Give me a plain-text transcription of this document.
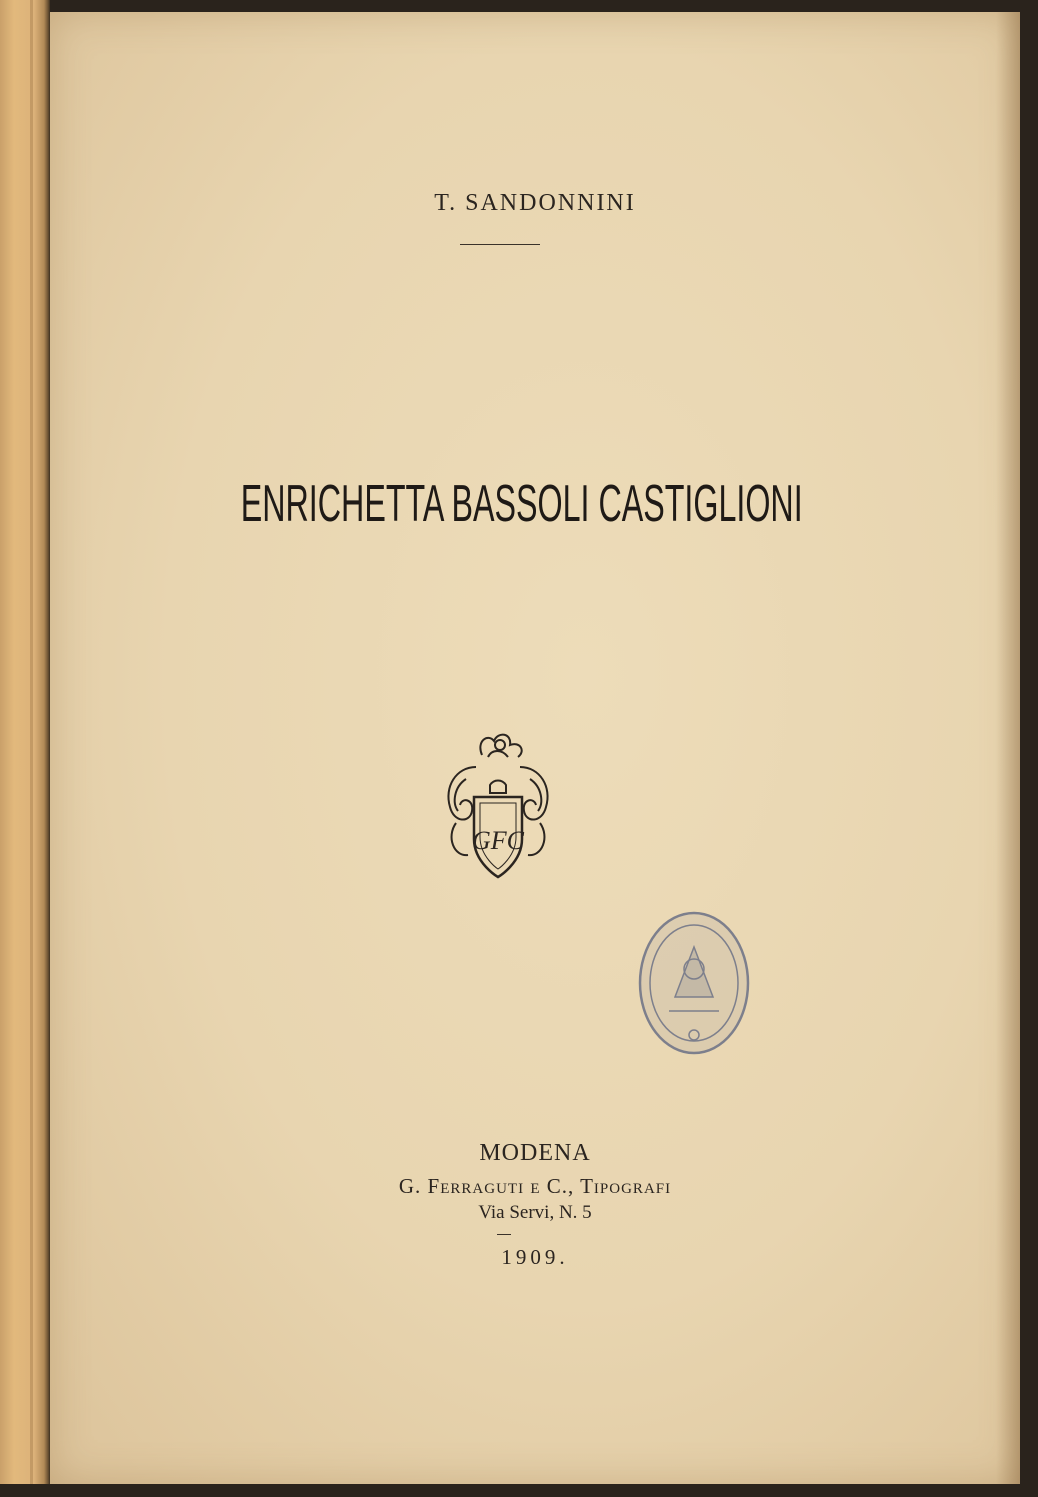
T. SANDONNINI
ENRICHETTA BASSOLI CASTIGLIONI
GFC
MODENA
G. Ferraguti e C., Tipografi
Via Servi, N. 5
1909.
